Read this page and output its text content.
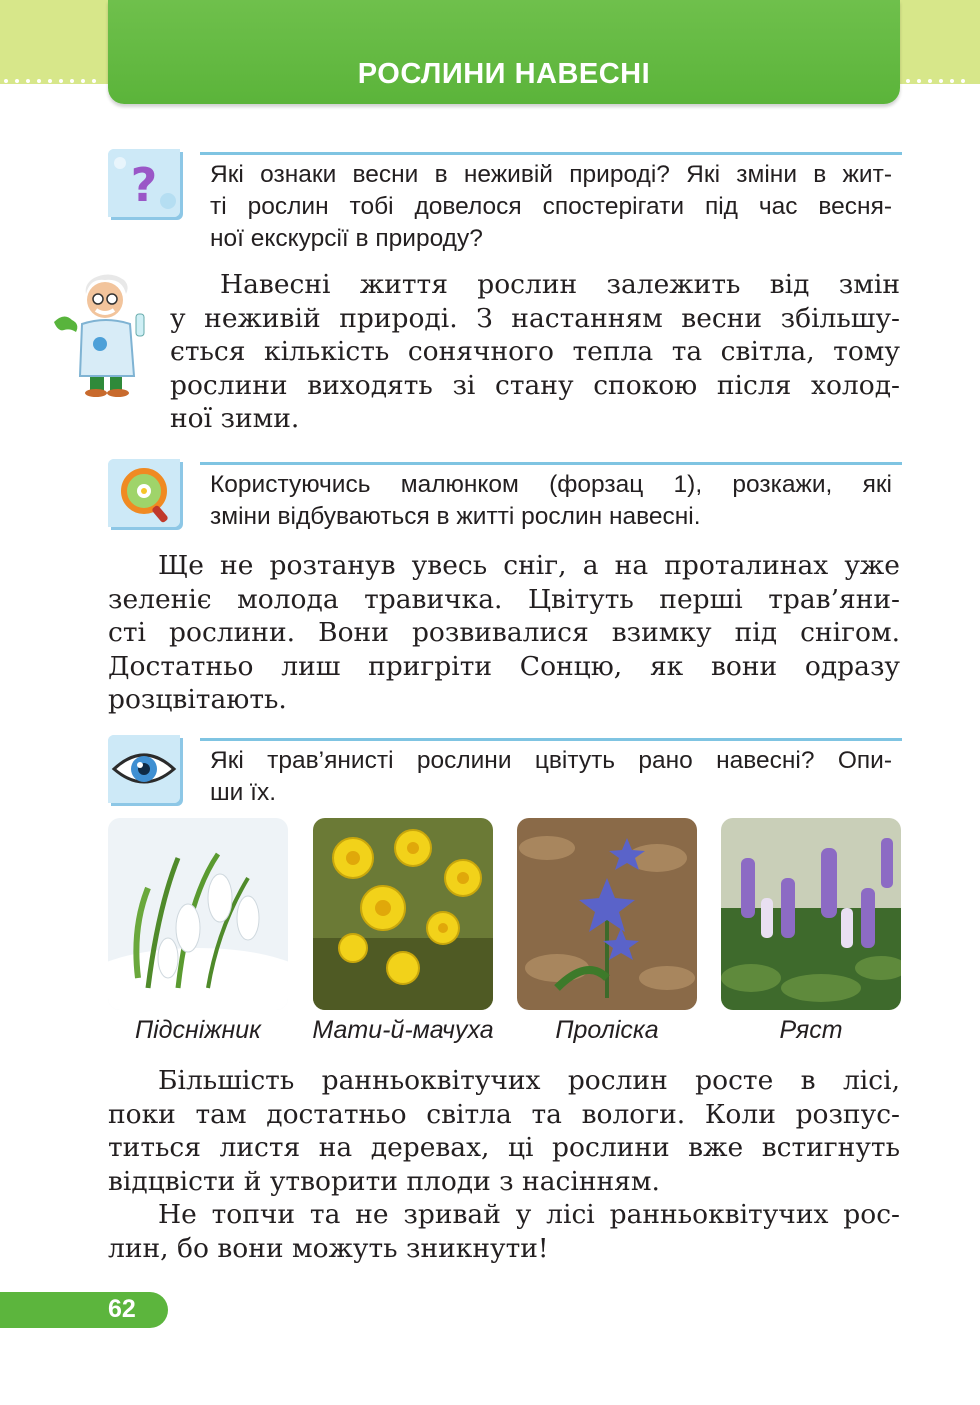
РОСЛИНИ НАВЕСНІ
? Які ознаки весни в неживій природі? Які зміни в жит-
ті рослин тобі довелося спостерігати під час весня-
ної екскурсії в природу?
Навесні життя рослин залежить від змін
у неживій природі. З настанням весни збільшу-
ється кількість сонячного тепла та світла, тому
рослини виходять зі стану спокою після холод-
ної зими.
Користуючись малюнком (форзац 1), розкажи, які
зміни відбуваються в житті рослин навесні.
Ще не розтанув увесь сніг, а на проталинах уже
зеленіє молода травичка. Цвітуть перші трав’яни-
сті рослини. Вони розвивалися взимку під снігом.
Достатньо лиш пригріти Сонцю, як вони одразу
розцвітають.
Які трав’янисті рослини цвітуть рано навесні? Опи-
ши їх.
Підсніжник	Мати-й-мачуха	Проліска	Ряст
Більшість ранньоквітучих рослин росте в лісі,
поки там достатньо світла та вологи. Коли розпус-
титься листя на деревах, ці рослини вже встигнуть
відцвісти й утворити плоди з насінням.
Не топчи та не зривай у лісі ранньоквітучих рос-
лин, бо вони можуть зникнути!
62
